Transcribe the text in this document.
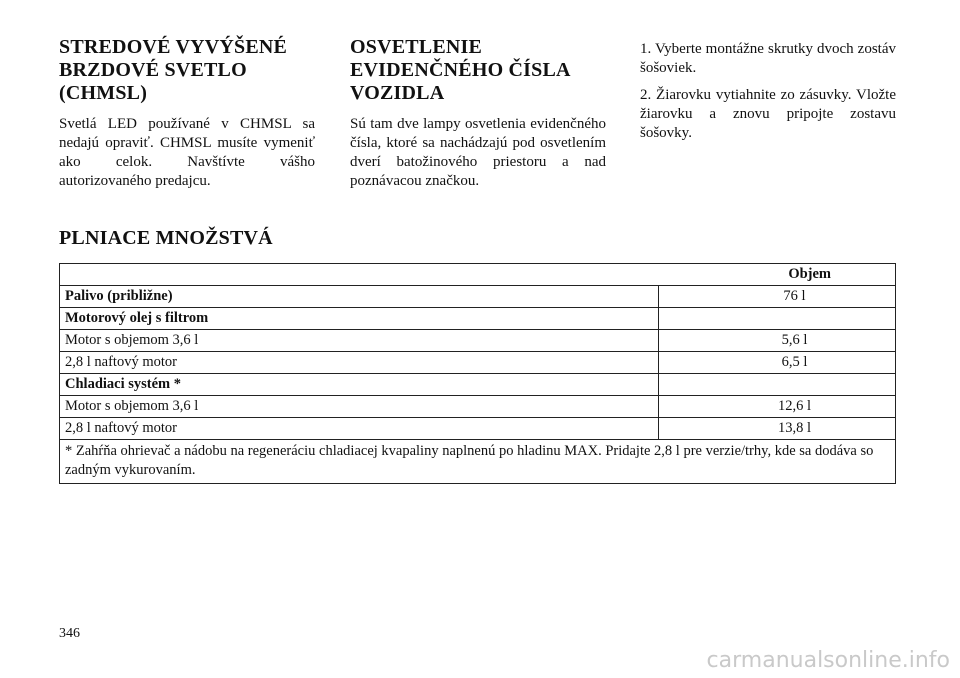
STREDOVÉ VYVÝŠENÉ
BRZDOVÉ SVETLO
(CHMSL)

Svetlá LED používané v CHMSL sa nedajú opraviť. CHMSL musíte vymeniť ako celok. Navštívte vášho autorizovaného predajcu.

OSVETLENIE
EVIDENČNÉHO ČÍSLA
VOZIDLA

Sú tam dve lampy osvetlenia evidenčného čísla, ktoré sa nachádzajú pod osvetlením dverí batožinového priestoru a nad poznávacou značkou.

1. Vyberte montážne skrutky dvoch zostáv šošoviek.

2. Žiarovku vytiahnite zo zásuvky. Vložte žiarovku a znovu pripojte zostavu šošovky.

PLNIACE MNOŽSTVÁ
Objem	
Palivo (približne)	76 l
Motorový olej s filtrom	
Motor s objemom 3,6 l	5,6 l
2,8 l naftový motor	6,5 l
Chladiaci systém *	
Motor s objemom 3,6 l	12,6 l
2,8 l naftový motor	13,8 l
* Zahŕňa ohrievač a nádobu na regeneráciu chladiacej kvapaliny naplnenú po hladinu MAX. Pridajte 2,8 l pre verzie/trhy, kde sa dodáva so zadným vykurovaním.	
346
carmanualsonline.info
